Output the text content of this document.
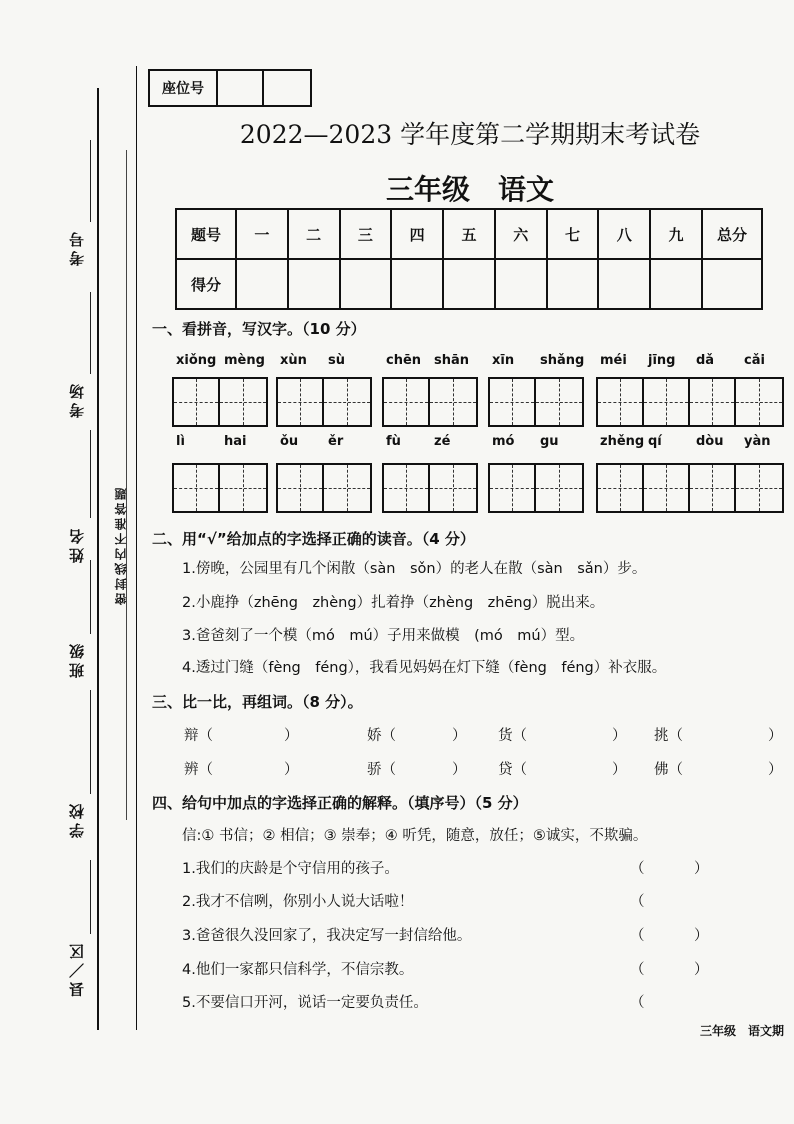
考号
考场
姓名
班级
学校
县／区
密封线内不准答题
座位号
2022—2023 学年度第二学期期末考试卷
三年级　语文
题号	一	二	三	四	五	六	七	八	九	总分
得分										
一、看拼音，写汉字。（10 分）
xiǒng mèng xùn sù	chēn shān xīn shǎng méi jīng dǎ cǎi
lì	hai	ǒu ěr	fù	zé	mó gu	zhěng qí	dòu yàn
二、用“√”给加点的字选择正确的读音。（4 分）
1.傍晚，公园里有几个闲散（sàn　sǒn）的老人在散（sàn　sǎn）步。
2.小鹿挣（zhēng　zhèng）扎着挣（zhèng　zhēng）脱出来。
3.爸爸刻了一个模（mó　mú）子用来做模　(mó　mú）型。
4.透过门缝（fèng　féng），我看见妈妈在灯下缝（fèng　féng）补衣服。
三、比一比，再组词。（8 分）。
辩（	）	娇（	） 货（	） 挑（	）
辨（	）	骄（	） 贷（	） 佛（	）
四、给句中加点的字选择正确的解释。（填序号）（5 分）
信:① 书信；② 相信；③ 崇奉；④ 听凭，随意，放任；⑤诚实，不欺骗。
1.我们的庆龄是个守信用的孩子。	（	）
2.我才不信咧，你别小人说大话啦！	（
3.爸爸很久没回家了，我决定写一封信给他。	（	）
4.他们一家都只信科学，不信宗教。	（	）
5.不要信口开河，说话一定要负责任。	（
三年级　语文期
